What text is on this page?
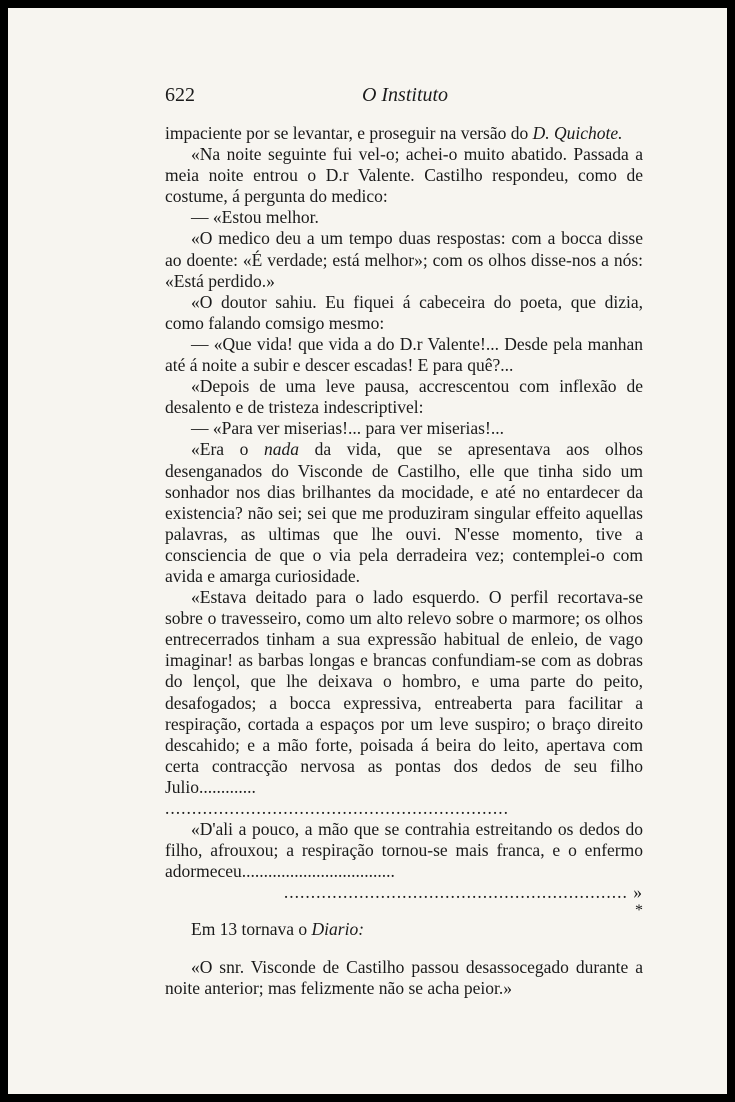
622	O Instituto

impaciente por se levantar, e proseguir na versão do D. Quichote.

«Na noite seguinte fui vel-o; achei-o muito abatido. Passada a meia noite entrou o D.r Valente. Castilho respondeu, como de costume, á pergunta do medico:

— «Estou melhor.

«O medico deu a um tempo duas respostas: com a bocca disse ao doente: «É verdade; está melhor»; com os olhos disse-nos a nós: «Está perdido.»

«O doutor sahiu. Eu fiquei á cabeceira do poeta, que dizia, como falando comsigo mesmo:

— «Que vida! que vida a do D.r Valente!... Desde pela manhan até á noite a subir e descer escadas! E para quê?...

«Depois de uma leve pausa, accrescentou com inflexão de desalento e de tristeza indescriptivel:

— «Para ver miserias!... para ver miserias!...

«Era o nada da vida, que se apresentava aos olhos desenganados do Visconde de Castilho, elle que tinha sido um sonhador nos dias brilhantes da mocidade, e até no entardecer da existencia? não sei; sei que me produziram singular effeito aquellas palavras, as ultimas que lhe ouvi. N'esse momento, tive a consciencia de que o via pela derradeira vez; contemplei-o com avida e amarga curiosidade.

«Estava deitado para o lado esquerdo. O perfil recortava-se sobre o travesseiro, como um alto relevo sobre o marmore; os olhos entrecerrados tinham a sua expressão habitual de enleio, de vago imaginar! as barbas longas e brancas confundiam-se com as dobras do lençol, que lhe deixava o hombro, e uma parte do peito, desafogados; a bocca expressiva, entreaberta para facilitar a respiração, cortada a espaços por um leve suspiro; o braço direito descahido; e a mão forte, poisada á beira do leito, apertava com certa contracção nervosa as pontas dos dedos de seu filho Julio.............

................................................................

«D'ali a pouco, a mão que se contrahia estreitando os dedos do filho, afrouxou; a respiração tornou-se mais franca, e o enfermo adormeceu...................................

................................................................ »

*

Em 13 tornava o Diario:

«O snr. Visconde de Castilho passou desassocegado durante a noite anterior; mas felizmente não se acha peior.»
